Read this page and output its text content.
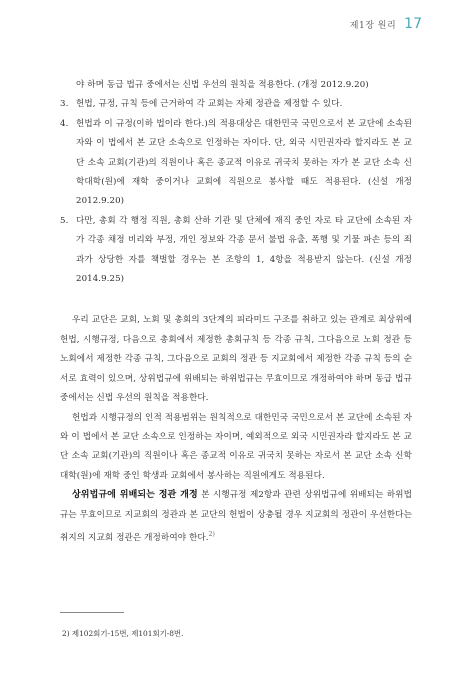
제1장 원리 17
야 하며 동급 법규 중에서는 신법 우선의 원칙을 적용한다. (개정 2012.9.20)
3. 헌법, 규정, 규칙 등에 근거하여 각 교회는 자체 정관을 제정할 수 있다.
4. 헌법과 이 규정(이하 법이라 한다.)의 적용대상은 대한민국 국민으로서 본 교단에 소속된 자와 이 법에서 본 교단 소속으로 인정하는 자이다. 단, 외국 시민권자라 할지라도 본 교단 소속 교회(기관)의 직원이나 혹은 종교적 이유로 귀국치 못하는 자가 본 교단 소속 신학대학(원)에 재학 중이거나 교회에 직원으로 봉사할 때도 적용된다. (신설 개정 2012.9.20)
5. 다만, 총회 각 행정 직원, 총회 산하 기관 및 단체에 재직 중인 자로 타 교단에 소속된 자가 각종 채정 비리와 부정, 개인 정보와 각종 문서 불법 유출, 폭행 및 기물 파손 등의 죄과가 상당한 자를 책벌할 경우는 본 조항의 1, 4항을 적용받지 않는다. (신설 개정 2014.9.25)

우리 교단은 교회, 노회 및 총회의 3단계의 피라미드 구조를 취하고 있는 관계로 최상위에 헌법, 시행규정, 다음으로 총회에서 제정한 총회규칙 등 각종 규칙, 그다음으로 노회 정관 등 노회에서 제정한 각종 규칙, 그다음으로 교회의 정관 등 지교회에서 제정한 각종 규칙 등의 순서로 효력이 있으며, 상위법규에 위배되는 하위법규는 무효이므로 개정하여야 하며 동급 법규 중에서는 신법 우선의 원칙을 적용한다.

헌법과 시행규정의 인적 적용범위는 원칙적으로 대한민국 국민으로서 본 교단에 소속된 자와 이 법에서 본 교단 소속으로 인정하는 자이며, 예외적으로 외국 시민권자라 할지라도 본 교단 소속 교회(기관)의 직원이나 혹은 종교적 이유로 귀국치 못하는 자로서 본 교단 소속 신학대학(원)에 재학 중인 학생과 교회에서 봉사하는 직원에게도 적용된다.

상위법규에 위배되는 정관 개정 본 시행규정 제2항과 관련 상위법규에 위배되는 하위법규는 무효이므로 지교회의 정관과 본 교단의 헌법이 상충될 경우 지교회의 정관이 우선한다는 취지의 지교회 정관은 개정하여야 한다.$^{2)}$

2) 제102회기-15번, 제101회기-8번.
